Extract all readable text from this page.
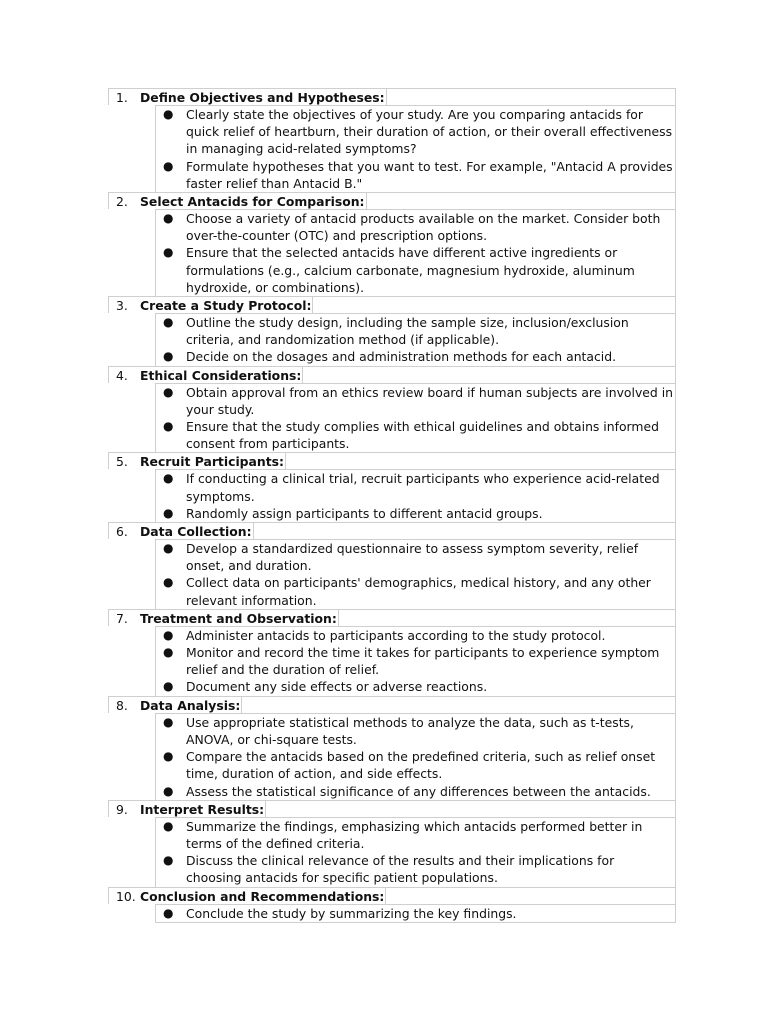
1. Define Objectives and Hypotheses:
● Clearly state the objectives of your study. Are you comparing antacids for quick relief of heartburn, their duration of action, or their overall effectiveness in managing acid-related symptoms?
● Formulate hypotheses that you want to test. For example, "Antacid A provides faster relief than Antacid B."
2. Select Antacids for Comparison:
● Choose a variety of antacid products available on the market. Consider both over-the-counter (OTC) and prescription options.
● Ensure that the selected antacids have different active ingredients or formulations (e.g., calcium carbonate, magnesium hydroxide, aluminum hydroxide, or combinations).
3. Create a Study Protocol:
● Outline the study design, including the sample size, inclusion/exclusion criteria, and randomization method (if applicable).
● Decide on the dosages and administration methods for each antacid.
4. Ethical Considerations:
● Obtain approval from an ethics review board if human subjects are involved in your study.
● Ensure that the study complies with ethical guidelines and obtains informed consent from participants.
5. Recruit Participants:
● If conducting a clinical trial, recruit participants who experience acid-related symptoms.
● Randomly assign participants to different antacid groups.
6. Data Collection:
● Develop a standardized questionnaire to assess symptom severity, relief onset, and duration.
● Collect data on participants' demographics, medical history, and any other relevant information.
7. Treatment and Observation:
● Administer antacids to participants according to the study protocol.
● Monitor and record the time it takes for participants to experience symptom relief and the duration of relief.
● Document any side effects or adverse reactions.
8. Data Analysis:
● Use appropriate statistical methods to analyze the data, such as t-tests, ANOVA, or chi-square tests.
● Compare the antacids based on the predefined criteria, such as relief onset time, duration of action, and side effects.
● Assess the statistical significance of any differences between the antacids.
9. Interpret Results:
● Summarize the findings, emphasizing which antacids performed better in terms of the defined criteria.
● Discuss the clinical relevance of the results and their implications for choosing antacids for specific patient populations.
10. Conclusion and Recommendations:
● Conclude the study by summarizing the key findings.
